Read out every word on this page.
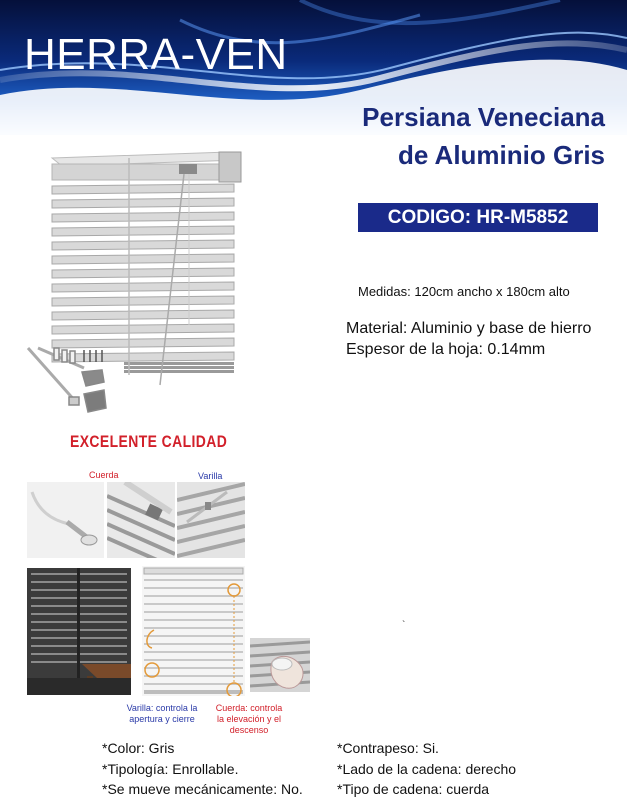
HERRA-VEN
Persiana Veneciana
de Aluminio Gris
CODIGO: HR-M5852
Medidas: 120cm ancho x 180cm alto
Material: Aluminio y base de hierro
Espesor de la hoja: 0.14mm
EXCELENTE CALIDAD
Cuerda	Varilla
Varilla: controla la
apertura y cierre
Cuerda: controla
la elevación y el
descenso
`
*Color: Gris
*Tipología: Enrollable.
*Se mueve mecánicamente: No.
*Contrapeso: Si.
*Lado de la cadena: derecho
*Tipo de cadena: cuerda
